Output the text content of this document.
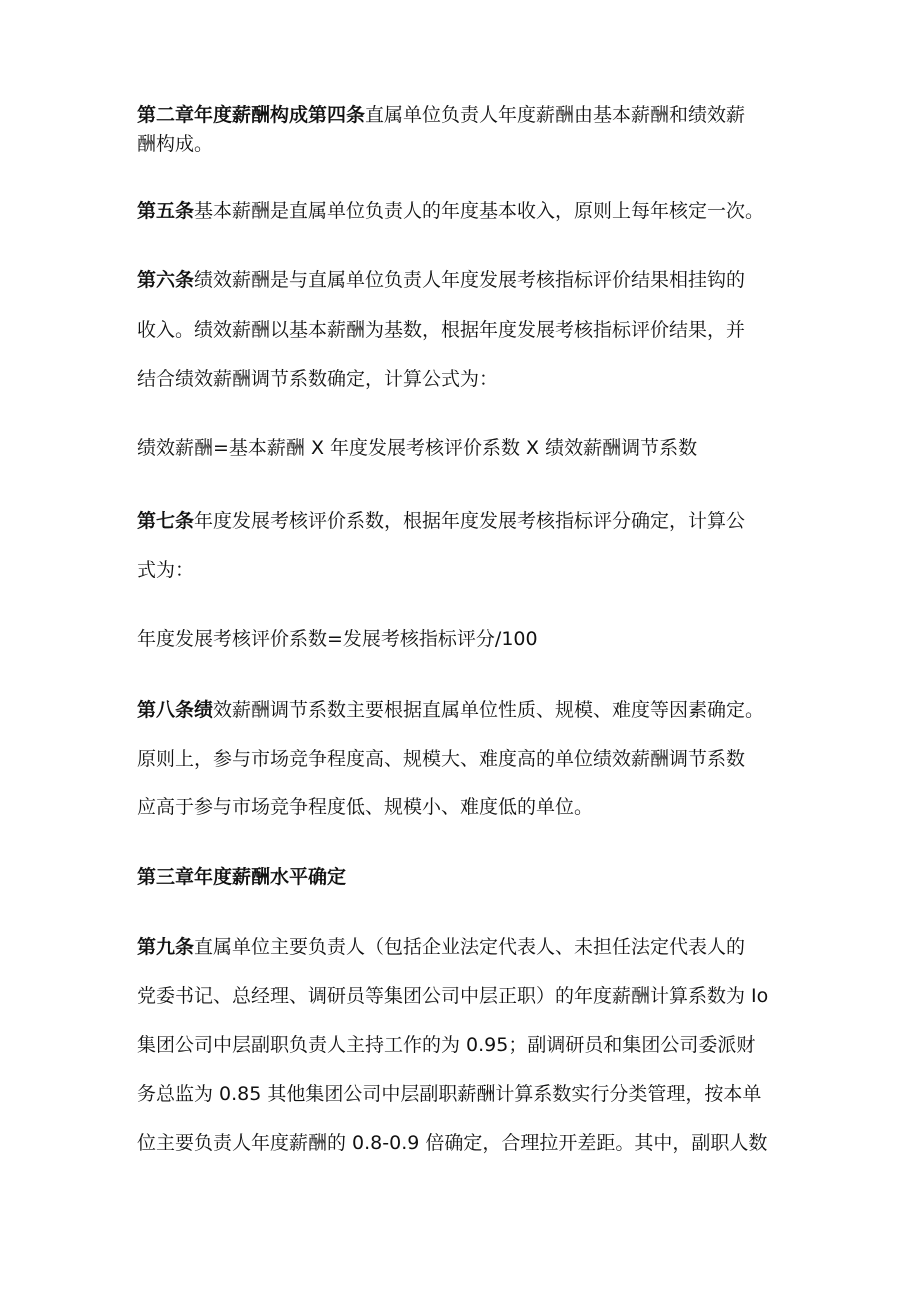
第二章年度薪酬构成第四条直属单位负责人年度薪酬由基本薪酬和绩效薪
酬构成。
第五条基本薪酬是直属单位负责人的年度基本收入，原则上每年核定一次。
第六条绩效薪酬是与直属单位负责人年度发展考核指标评价结果相挂钩的
收入。绩效薪酬以基本薪酬为基数，根据年度发展考核指标评价结果，并
结合绩效薪酬调节系数确定，计算公式为：
绩效薪酬=基本薪酬 X 年度发展考核评价系数 X 绩效薪酬调节系数
第七条年度发展考核评价系数，根据年度发展考核指标评分确定，计算公
式为：
年度发展考核评价系数=发展考核指标评分/100
第八条绩效薪酬调节系数主要根据直属单位性质、规模、难度等因素确定。
原则上，参与市场竞争程度高、规模大、难度高的单位绩效薪酬调节系数
应高于参与市场竞争程度低、规模小、难度低的单位。
第三章年度薪酬水平确定
第九条直属单位主要负责人（包括企业法定代表人、未担任法定代表人的
党委书记、总经理、调研员等集团公司中层正职）的年度薪酬计算系数为 Io
集团公司中层副职负责人主持工作的为 0.95；副调研员和集团公司委派财
务总监为 0.85 其他集团公司中层副职薪酬计算系数实行分类管理，按本单
位主要负责人年度薪酬的 0.8-0.9 倍确定，合理拉开差距。其中，副职人数
